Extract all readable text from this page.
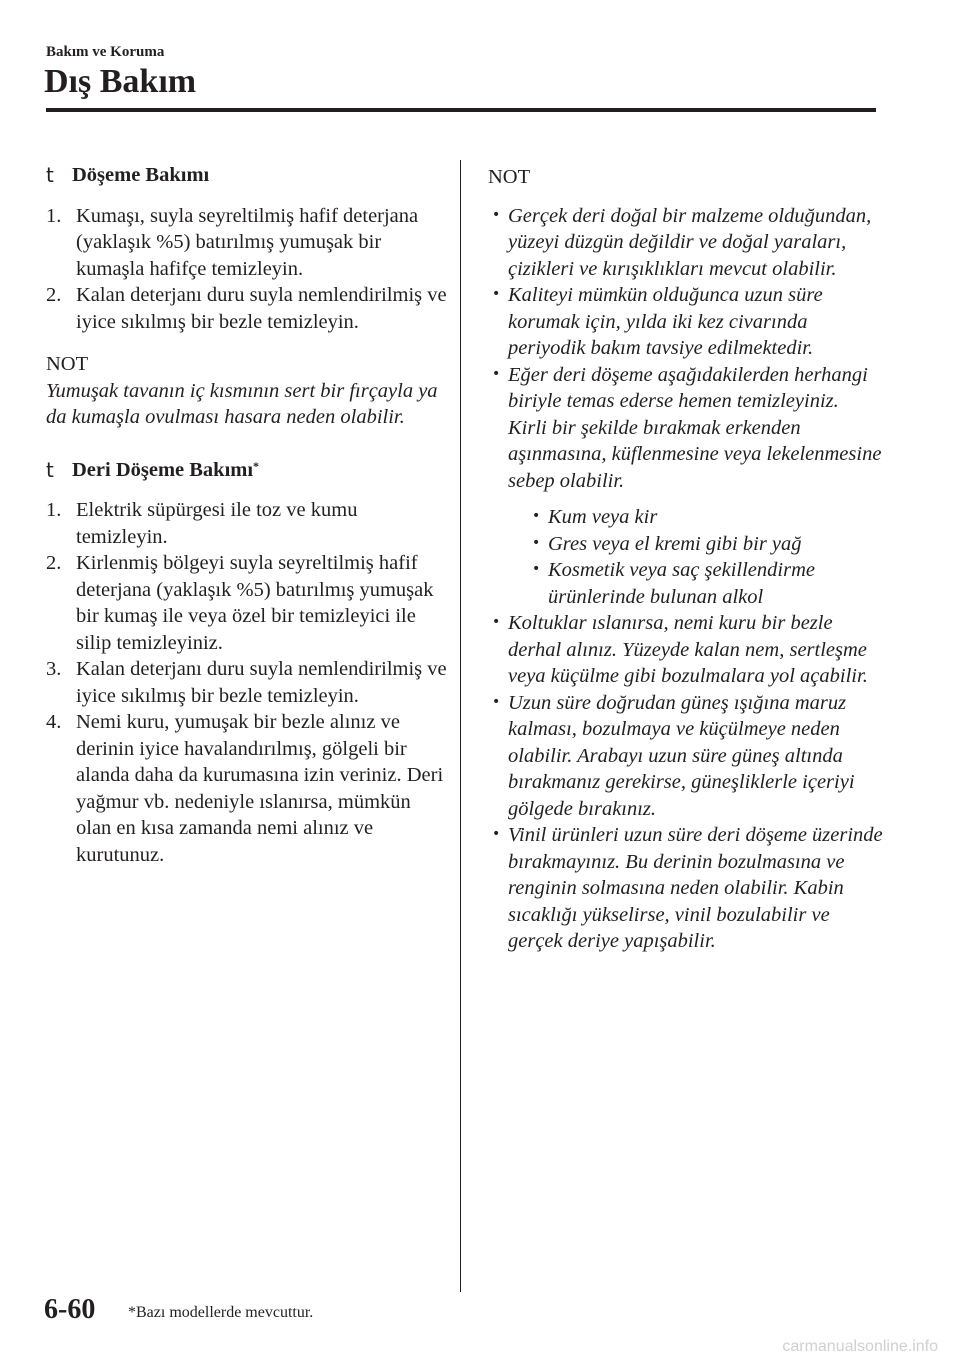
Bakım ve Koruma
Dış Bakım
t Döşeme Bakımı
1. Kumaşı, suyla seyreltilmiş hafif deterjana (yaklaşık %5) batırılmış yumuşak bir kumaşla hafifçe temizleyin.
2. Kalan deterjanı duru suyla nemlendirilmiş ve iyice sıkılmış bir bezle temizleyin.
NOT
Yumuşak tavanın iç kısmının sert bir fırçayla ya da kumaşla ovulması hasara neden olabilir.
t Deri Döşeme Bakımı*
1. Elektrik süpürgesi ile toz ve kumu temizleyin.
2. Kirlenmiş bölgeyi suyla seyreltilmiş hafif deterjana (yaklaşık %5) batırılmış yumuşak bir kumaş ile veya özel bir temizleyici ile silip temizleyiniz.
3. Kalan deterjanı duru suyla nemlendirilmiş ve iyice sıkılmış bir bezle temizleyin.
4. Nemi kuru, yumuşak bir bezle alınız ve derinin iyice havalandırılmış, gölgeli bir alanda daha da kurumasına izin veriniz. Deri yağmur vb. nedeniyle ıslanırsa, mümkün olan en kısa zamanda nemi alınız ve kurutunuz.
NOT
• Gerçek deri doğal bir malzeme olduğundan, yüzeyi düzgün değildir ve doğal yaraları, çizikleri ve kırışıklıkları mevcut olabilir.
• Kaliteyi mümkün olduğunca uzun süre korumak için, yılda iki kez civarında periyodik bakım tavsiye edilmektedir.
• Eğer deri döşeme aşağıdakilerden herhangi biriyle temas ederse hemen temizleyiniz.
Kirli bir şekilde bırakmak erkenden aşınmasına, küflenmesine veya lekelenmesine sebep olabilir.
• Kum veya kir
• Gres veya el kremi gibi bir yağ
• Kosmetik veya saç şekillendirme ürünlerinde bulunan alkol
• Koltuklar ıslanırsa, nemi kuru bir bezle derhal alınız. Yüzeyde kalan nem, sertleşme veya küçülme gibi bozulmalara yol açabilir.
• Uzun süre doğrudan güneş ışığına maruz kalması, bozulmaya ve küçülmeye neden olabilir. Arabayı uzun süre güneş altında bırakmanız gerekirse, güneşliklerle içeriyi gölgede bırakınız.
• Vinil ürünleri uzun süre deri döşeme üzerinde bırakmayınız. Bu derinin bozulmasına ve renginin solmasına neden olabilir. Kabin sıcaklığı yükselirse, vinil bozulabilir ve gerçek deriye yapışabilir.
6-60 *Bazı modellerde mevcuttur.
carmanualsonline.info
